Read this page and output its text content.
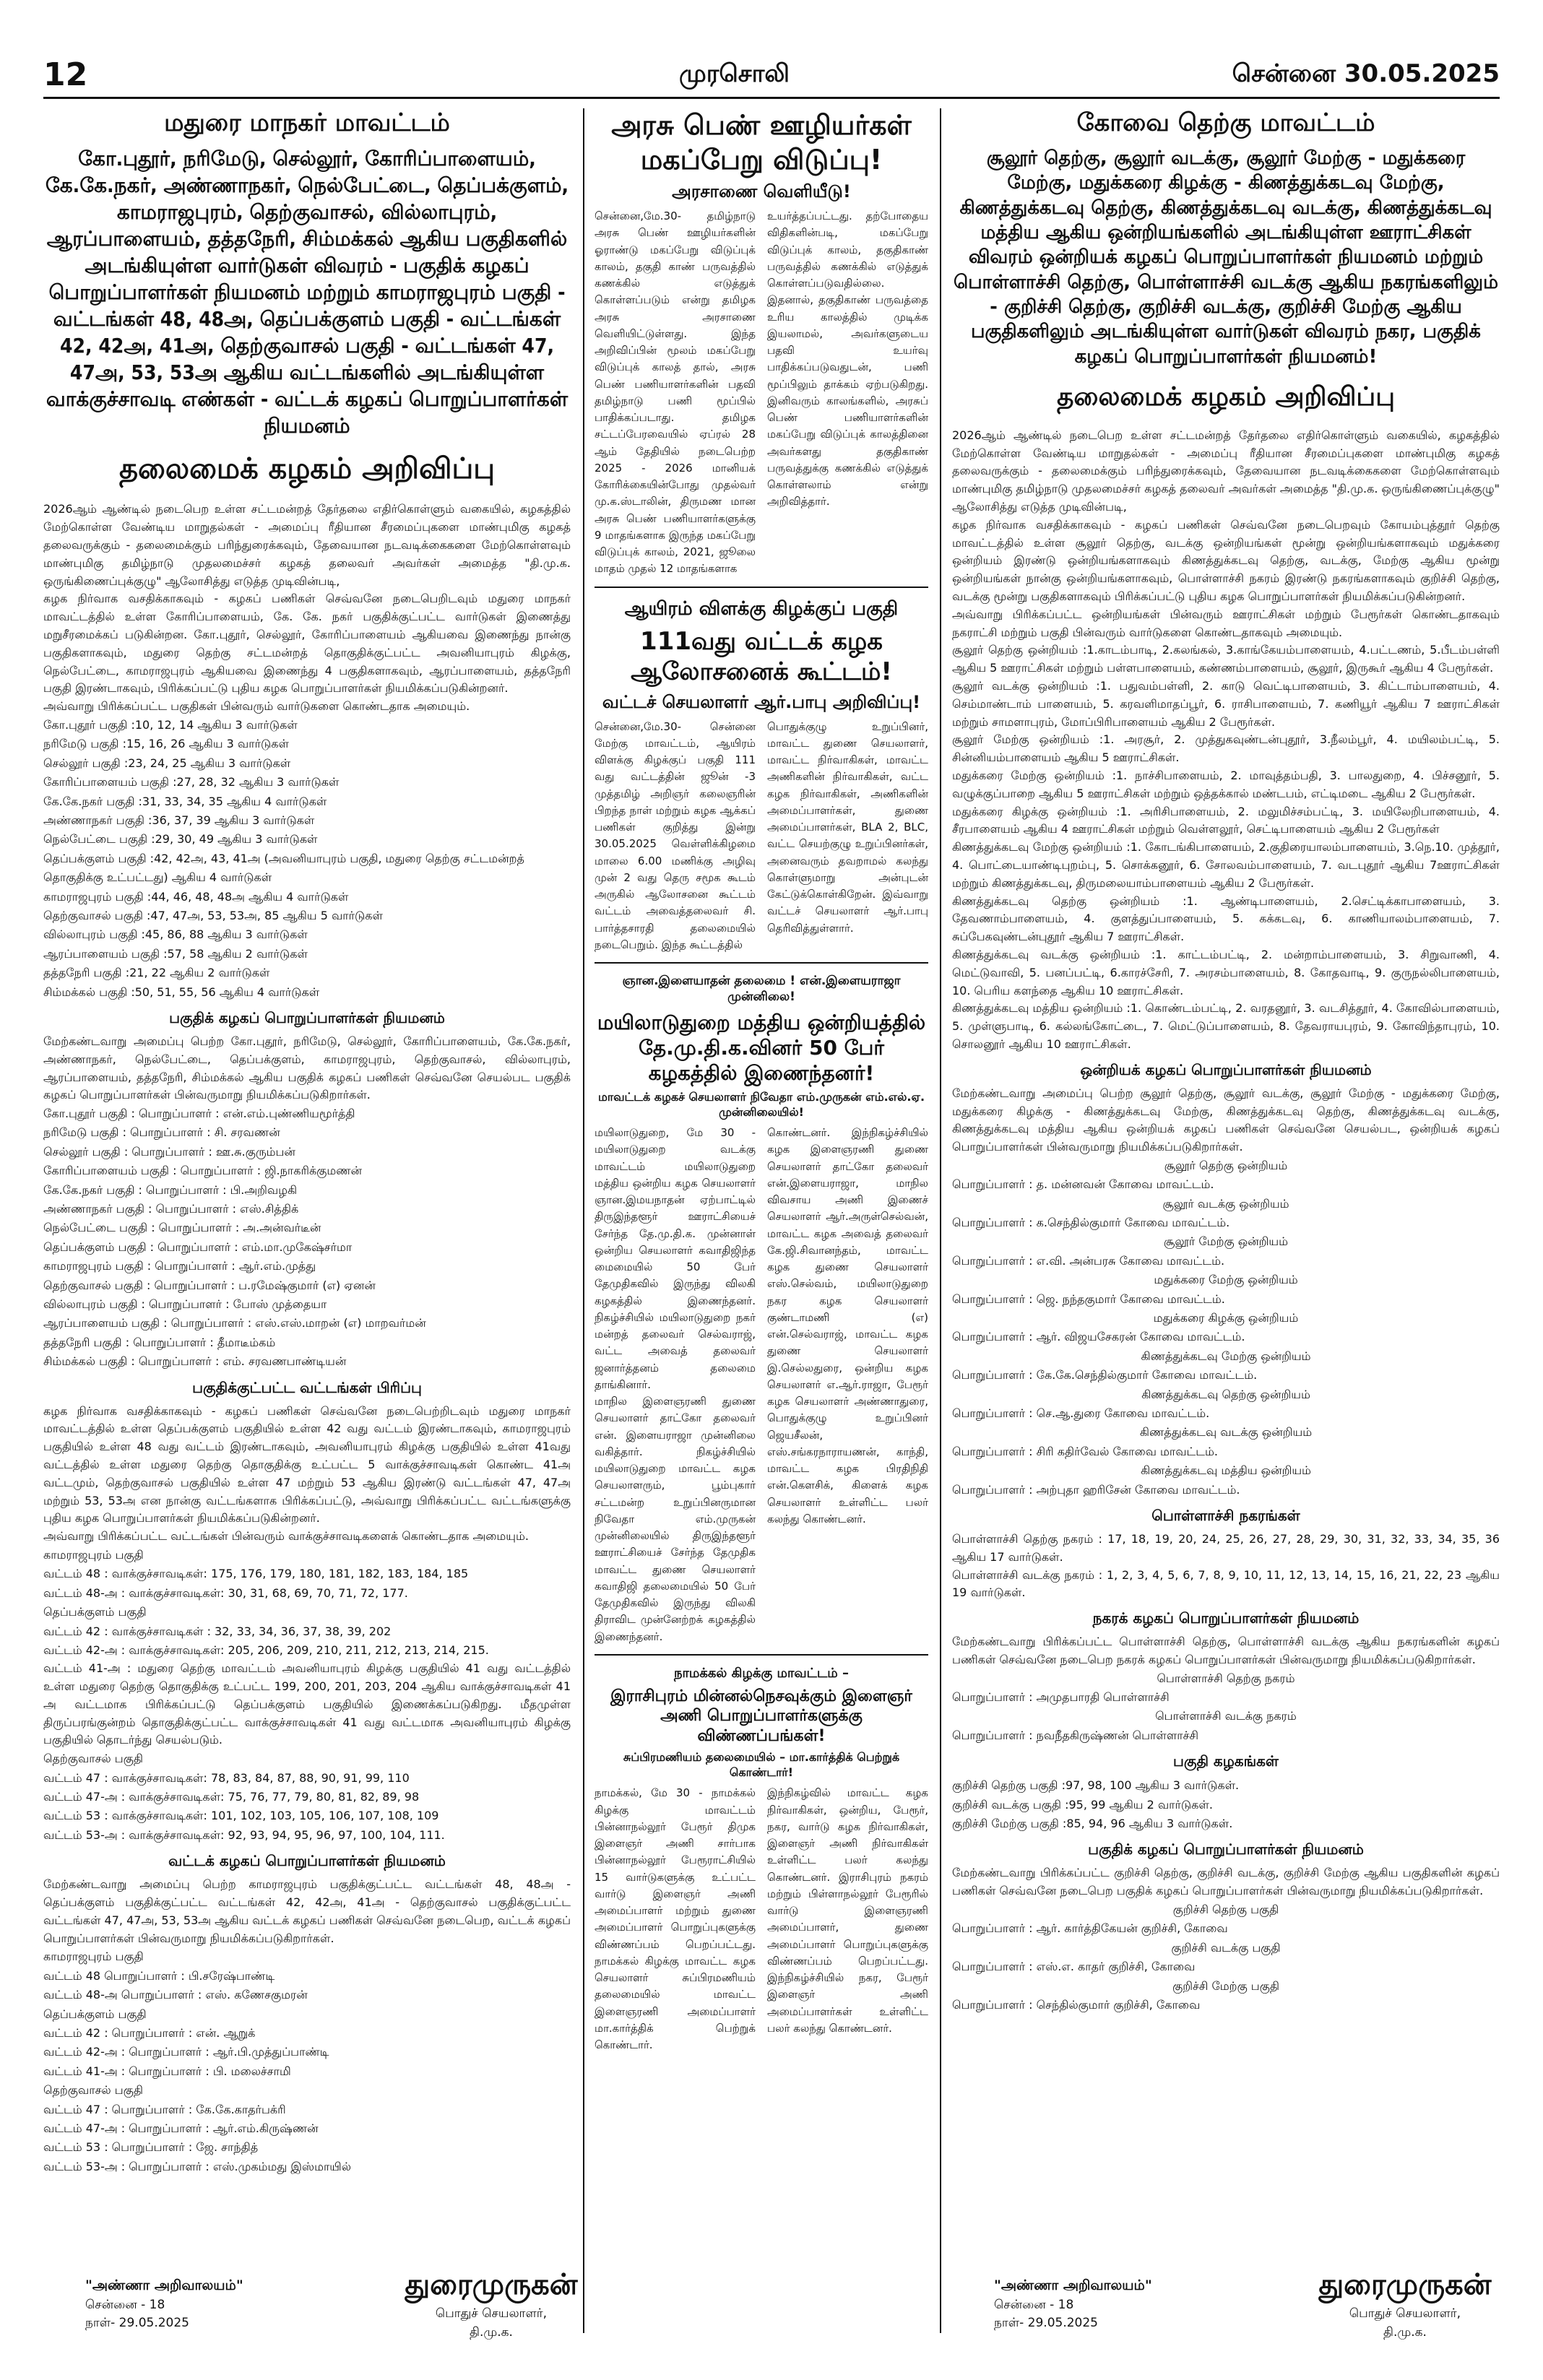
12	முரசொலி	சென்னை 30.05.2025
மதுரை மாநகர் மாவட்டம்
கோ.புதூர், நரிமேடு, செல்லூர், கோரிப்பாளையம், கே.கே.நகர், அண்ணாநகர், நெல்பேட்டை, தெப்பக்குளம், காமராஜபுரம், தெற்குவாசல், வில்லாபுரம், ஆரப்பாளையம், தத்தநேரி, சிம்மக்கல் ஆகிய பகுதிகளில் அடங்கியுள்ள வார்டுகள் விவரம் - பகுதிக் கழகப் பொறுப்பாளர்கள் நியமனம் மற்றும் காமராஜபுரம் பகுதி - வட்டங்கள் 48, 48அ, தெப்பக்குளம் பகுதி - வட்டங்கள் 42, 42அ, 41அ, தெற்குவாசல் பகுதி - வட்டங்கள் 47, 47அ, 53, 53அ ஆகிய வட்டங்களில் அடங்கியுள்ள வாக்குச்சாவடி எண்கள் - வட்டக் கழகப் பொறுப்பாளர்கள் நியமனம்
தலைமைக் கழகம் அறிவிப்பு
2026ஆம் ஆண்டில் நடைபெற உள்ள சட்டமன்றத் தேர்தலை எதிர்கொள்ளும் வகையில், கழகத்தில் மேற்கொள்ள வேண்டிய மாறுதல்கள் - அமைப்பு ரீதியான சீரமைப்புகளை மாண்புமிகு கழகத் தலைவருக்கும் - தலைமைக்கும் பரிந்துரைக்கவும், தேவையான நடவடிக்கைகளை மேற்கொள்ளவும் மாண்புமிகு தமிழ்நாடு முதலமைச்சர் கழகத் தலைவர் அவர்கள் அமைத்த "தி.மு.க. ஒருங்கிணைப்புக்குழு" ஆலோசித்து எடுத்த முடிவின்படி,
கழக நிர்வாக வசதிக்காகவும் - கழகப் பணிகள் செவ்வனே நடைபெறிடவும் மதுரை மாநகர் மாவட்டத்தில் உள்ள கோரிப்பாளையம், கே. கே. நகர் பகுதிக்குட்பட்ட வார்டுகள் இணைத்து மறுசீரமைக்கப் படுகின்றன. கோ.புதூர், செல்லூர், கோரிப்பாளையம் ஆகியவை இணைந்து நான்கு பகுதிகளாகவும், மதுரை தெற்கு சட்டமன்றத் தொகுதிக்குட்பட்ட அவனியாபுரம் கிழக்கு, நெல்பேட்டை, காமராஜபுரம் ஆகியவை இணைந்து 4 பகுதிகளாகவும், ஆரப்பாளையம், தத்தநேரி பகுதி இரண்டாகவும், பிரிக்கப்பட்டு புதிய கழக பொறுப்பாளர்கள் நியமிக்கப்படுகின்றனர்.
அவ்வாறு பிரிக்கப்பட்ட பகுதிகள் பின்வரும் வார்டுகளை கொண்டதாக அமையும்.
கோ.புதூர் பகுதி :10, 12, 14 ஆகிய 3 வார்டுகள்
நரிமேடு பகுதி :15, 16, 26 ஆகிய 3 வார்டுகள்
செல்லூர் பகுதி :23, 24, 25 ஆகிய 3 வார்டுகள்
கோரிப்பாளையம் பகுதி :27, 28, 32 ஆகிய 3 வார்டுகள்
கே.கே.நகர் பகுதி :31, 33, 34, 35 ஆகிய 4 வார்டுகள்
அண்ணாநகர் பகுதி :36, 37, 39 ஆகிய 3 வார்டுகள்
நெல்பேட்டை பகுதி :29, 30, 49 ஆகிய 3 வார்டுகள்
தெப்பக்குளம் பகுதி :42, 42அ, 43, 41அ (அவனியாபுரம் பகுதி, மதுரை தெற்கு சட்டமன்றத் தொகுதிக்கு உட்பட்டது) ஆகிய 4 வார்டுகள்
காமராஜபுரம் பகுதி :44, 46, 48, 48அ ஆகிய 4 வார்டுகள்
தெற்குவாசல் பகுதி :47, 47அ, 53, 53அ, 85 ஆகிய 5 வார்டுகள்
வில்லாபுரம் பகுதி :45, 86, 88 ஆகிய 3 வார்டுகள்
ஆரப்பாளையம் பகுதி :57, 58 ஆகிய 2 வார்டுகள்
தத்தநேரி பகுதி :21, 22 ஆகிய 2 வார்டுகள்
சிம்மக்கல் பகுதி :50, 51, 55, 56 ஆகிய 4 வார்டுகள்
பகுதிக் கழகப் பொறுப்பாளர்கள் நியமனம்
மேற்கண்டவாறு அமைப்பு பெற்ற கோ.புதூர், நரிமேடு, செல்லூர், கோரிப்பாளையம், கே.கே.நகர், அண்ணாநகர், நெல்பேட்டை, தெப்பக்குளம், காமராஜபுரம், தெற்குவாசல், வில்லாபுரம், ஆரப்பாளையம், தத்தநேரி, சிம்மக்கல் ஆகிய பகுதிக் கழகப் பணிகள் செவ்வனே செயல்பட பகுதிக் கழகப் பொறுப்பாளர்கள் பின்வருமாறு நியமிக்கப்படுகிறார்கள்.
கோ.புதூர் பகுதி : பொறுப்பாளர் : என்.எம்.புண்ணியமூர்த்தி
நரிமேடு பகுதி : பொறுப்பாளர் : சி. சரவணன்
செல்லூர் பகுதி : பொறுப்பாளர் : ஊ.சு.குரும்பன்
கோரிப்பாளையம் பகுதி : பொறுப்பாளர் : ஜி.நாகரிக்குமணன்
கே.கே.நகர் பகுதி : பொறுப்பாளர் : பி.அறிவழகி
அண்ணாநகர் பகுதி : பொறுப்பாளர் : எஸ்.சித்திக்
நெல்பேட்டை பகுதி : பொறுப்பாளர் : அ.அன்வர்டீன்
தெப்பக்குளம் பகுதி : பொறுப்பாளர் : எம்.மா.முகேஷ்சர்மா
காமராஜபுரம் பகுதி : பொறுப்பாளர் : ஆர்.எம்.முத்து
தெற்குவாசல் பகுதி : பொறுப்பாளர் : ப.ரமேஷ்குமார் (எ) ஏனன்
வில்லாபுரம் பகுதி : பொறுப்பாளர் : போஸ் முத்தையா
ஆரப்பாளையம் பகுதி : பொறுப்பாளர் : எஸ்.எஸ்.மாறன் (எ) மாறவர்மன்
தத்தநேரி பகுதி : பொறுப்பாளர் : தீமாடீம்கம்
சிம்மக்கல் பகுதி : பொறுப்பாளர் : எம். சரவணபாண்டியன்
பகுதிக்குட்பட்ட வட்டங்கள் பிரிப்பு
கழக நிர்வாக வசதிக்காகவும் - கழகப் பணிகள் செவ்வனே நடைபெற்றிடவும் மதுரை மாநகர் மாவட்டத்தில் உள்ள தெப்பக்குளம் பகுதியில் உள்ள 42 வது வட்டம் இரண்டாகவும், காமராஜபுரம் பகுதியில் உள்ள 48 வது வட்டம் இரண்டாகவும், அவனியாபுரம் கிழக்கு பகுதியில் உள்ள 41வது வட்டத்தில் உள்ள மதுரை தெற்கு தொகுதிக்கு உட்பட்ட 5 வாக்குச்சாவடிகள் கொண்ட 41அ வட்டமும், தெற்குவாசல் பகுதியில் உள்ள 47 மற்றும் 53 ஆகிய இரண்டு வட்டங்கள் 47, 47அ மற்றும் 53, 53அ என நான்கு வட்டங்களாக பிரிக்கப்பட்டு, அவ்வாறு பிரிக்கப்பட்ட வட்டங்களுக்கு புதிய கழக பொறுப்பாளர்கள் நியமிக்கப்படுகின்றனர்.
அவ்வாறு பிரிக்கப்பட்ட வட்டங்கள் பின்வரும் வாக்குச்சாவடிகளைக் கொண்டதாக அமையும்.
காமராஜபுரம் பகுதி
வட்டம் 48 : வாக்குச்சாவடிகள்: 175, 176, 179, 180, 181, 182, 183, 184, 185
வட்டம் 48-அ : வாக்குச்சாவடிகள்: 30, 31, 68, 69, 70, 71, 72, 177.
தெப்பக்குளம் பகுதி
வட்டம் 42 : வாக்குச்சாவடிகள் : 32, 33, 34, 36, 37, 38, 39, 202
வட்டம் 42-அ : வாக்குச்சாவடிகள்: 205, 206, 209, 210, 211, 212, 213, 214, 215.
வட்டம் 41-அ : மதுரை தெற்கு மாவட்டம் அவனியாபுரம் கிழக்கு பகுதியில் 41 வது வட்டத்தில் உள்ள மதுரை தெற்கு தொகுதிக்கு உட்பட்ட 199, 200, 201, 203, 204 ஆகிய வாக்குச்சாவடிகள் 41 அ வட்டமாக பிரிக்கப்பட்டு தெப்பக்குளம் பகுதியில் இணைக்கப்படுகிறது. மீதமுள்ள திருப்பரங்குன்றம் தொகுதிக்குட்பட்ட வாக்குச்சாவடிகள் 41 வது வட்டமாக அவனியாபுரம் கிழக்கு பகுதியில் தொடர்ந்து செயல்படும்.
தெற்குவாசல் பகுதி
வட்டம் 47 : வாக்குச்சாவடிகள்: 78, 83, 84, 87, 88, 90, 91, 99, 110
வட்டம் 47-அ : வாக்குச்சாவடிகள்: 75, 76, 77, 79, 80, 81, 82, 89, 98
வட்டம் 53 : வாக்குச்சாவடிகள்: 101, 102, 103, 105, 106, 107, 108, 109
வட்டம் 53-அ : வாக்குச்சாவடிகள்: 92, 93, 94, 95, 96, 97, 100, 104, 111.
வட்டக் கழகப் பொறுப்பாளர்கள் நியமனம்
மேற்கண்டவாறு அமைப்பு பெற்ற காமராஜபுரம் பகுதிக்குட்பட்ட வட்டங்கள் 48, 48அ - தெப்பக்குளம் பகுதிக்குட்பட்ட வட்டங்கள் 42, 42அ, 41அ - தெற்குவாசல் பகுதிக்குட்பட்ட வட்டங்கள் 47, 47அ, 53, 53அ ஆகிய வட்டக் கழகப் பணிகள் செவ்வனே நடைபெற, வட்டக் கழகப் பொறுப்பாளர்கள் பின்வருமாறு நியமிக்கப்படுகிறார்கள்.
காமராஜபுரம் பகுதி
வட்டம் 48 பொறுப்பாளர் : பி.சரேஷ்பாண்டி
வட்டம் 48-அ பொறுப்பாளர் : எஸ். கணேசகுமரன்
தெப்பக்குளம் பகுதி
வட்டம் 42 : பொறுப்பாளர் : என். ஆறுக்
வட்டம் 42-அ : பொறுப்பாளர் : ஆர்.பி.முத்துப்பாண்டி
வட்டம் 41-அ : பொறுப்பாளர் : பி. மலைச்சாமி
தெற்குவாசல் பகுதி
வட்டம் 47 : பொறுப்பாளர் : கே.கே.காதர்பக்ரி
வட்டம் 47-அ : பொறுப்பாளர் : ஆர்.எம்.கிருஷ்ணன்
வட்டம் 53 : பொறுப்பாளர் : ஜே. சாந்தித்
வட்டம் 53-அ : பொறுப்பாளர் : எஸ்.முகம்மது இஸ்மாயில்
"அண்ணா அறிவாலயம்"
சென்னை - 18
நாள்- 29.05.2025
துரைமுருகன்
பொதுச் செயலாளர்,
தி.மு.க.
அரசு பெண் ஊழியர்கள் மகப்பேறு விடுப்பு!
அரசாணை வெளியீடு!
சென்னை,மே.30- தமிழ்நாடு அரசு பெண் ஊழியர்களின் ஓராண்டு மகப்பேறு விடுப்புக் காலம், தகுதி காண் பருவத்தில் கணக்கில் எடுத்துக் கொள்ளப்படும் என்று தமிழக அரசு அரசாணை வெளியிட்டுள்ளது. இந்த அறிவிப்பின் மூலம் மகப்பேறு விடுப்புக் காலத் தால், அரசு பெண் பணியாளர்களின் பதவி தமிழ்நாடு பணி மூப்பில் பாதிக்கப்படாது. தமிழக சட்டப்பேரவையில் ஏப்ரல் 28 ஆம் தேதியில் நடைபெற்ற 2025 - 2026 மானியக் கோரிக்கையின்போது முதல்வர் மு.க.ஸ்டாலின், திருமண மான அரசு பெண் பணியாளர்களுக்கு 9 மாதங்களாக இருந்த மகப்பேறு விடுப்புக் காலம், 2021, ஜூலை மாதம் முதல் 12 மாதங்களாக
உயர்த்தப்பட்டது. தற்போதைய விதிகளின்படி, மகப்பேறு விடுப்புக் காலம், தகுதிகாண் பருவத்தில் கணக்கில் எடுத்துக் கொள்ளப்படுவதில்லை. இதனால், தகுதிகாண் பருவத்தை உரிய காலத்தில் முடிக்க இயலாமல், அவர்களுடைய பதவி உயர்வு பாதிக்கப்படுவதுடன், பணி மூப்பிலும் தாக்கம் ஏற்படுகிறது. இனிவரும் காலங்களில், அரசுப் பெண் பணியாளர்களின் மகப்பேறு விடுப்புக் காலத்தினை அவர்களது தகுதிகாண் பருவத்துக்கு கணக்கில் எடுத்துக் கொள்ளலாம் என்று அறிவித்தார்.
ஆயிரம் விளக்கு கிழக்குப் பகுதி
111வது வட்டக் கழக ஆலோசனைக் கூட்டம்!
வட்டச் செயலாளர் ஆர்.பாபு அறிவிப்பு!
சென்னை,மே.30- சென்னை மேற்கு மாவட்டம், ஆயிரம் விளக்கு கிழக்குப் பகுதி 111 வது வட்டத்தின் ஜூன் -3 முத்தமிழ் அறிஞர் கலைஞரின் பிறந்த நாள் மற்றும் கழக ஆக்கப் பணிகள் குறித்து இன்று 30.05.2025 வெள்ளிக்கிழமை மாலை 6.00 மணிக்கு அழிவு முன் 2 வது தெரு சமூக கூடம் அருகில் ஆலோசனை கூட்டம் வட்டம் அவைத்தலைவர் சி. பார்த்தசாரதி தலைமையில் நடைபெறும். இந்த கூட்டத்தில்
பொதுக்குழு உறுப்பினர், மாவட்ட துணை செயலாளர், மாவட்ட நிர்வாகிகள், மாவட்ட அணிகளின் நிர்வாகிகள், வட்ட கழக நிர்வாகிகள், அணிகளின் அமைப்பாளர்கள், துணை அமைப்பாளர்கள், BLA 2, BLC, வட்ட செயற்குழு உறுப்பினர்கள், அனைவரும் தவறாமல் கலந்து கொள்ளுமாறு அன்புடன் கேட்டுக்கொள்கிறேன். இவ்வாறு வட்டச் செயலாளர் ஆர்.பாபு தெரிவித்துள்ளார்.
ஞான.இளையாதன் தலைமை ! என்.இளையராஜா முன்னிலை!
மயிலாடுதுறை மத்திய ஒன்றியத்தில் தே.மு.தி.க.வினர் 50 பேர் கழகத்தில் இணைந்தனர்!
மாவட்டக் கழகச் செயலாளர் நிவேதா எம்.முருகன் எம்.எல்.ஏ. முன்னிலையில்!
மயிலாடுதுறை, மே 30 - மயிலாடுதுறை வடக்கு மாவட்டம் மயிலாடுதுறை மத்திய ஒன்றிய கழக செயலாளர் ஞான.இமயநாதன் ஏற்பாட்டில் திருஇந்தளூர் ஊராட்சியைச் சேர்ந்த தே.மு.தி.க. முன்னாள் ஒன்றிய செயலாளர் கவாதிஜிந்த மைமையில் 50 பேர் தேமுதிகவில் இருந்து விலகி கழகத்தில் இணைந்தனர். நிகழ்ச்சியில் மயிலாடுதுறை நகர் மன்றத் தலைவர் செல்வராஜ், வட்ட அவைத் தலைவர் ஜனார்த்தனம் தலைமை தாங்கினார்.
மாநில இளைஞரணி துணை செயலாளர் தாட்கோ தலைவர் என். இளையராஜா முன்னிலை வகித்தார். நிகழ்ச்சியில் மயிலாடுதுறை மாவட்ட கழக செயலாளரும், பூம்புகார் சட்டமன்ற உறுப்பினருமான நிவேதா எம்.முருகன் முன்னிலையில் திருஇந்தளூர் ஊராட்சியைச் சேர்ந்த தேமுதிக மாவட்ட துணை செயலாளர் கவாதிஜி தலைமையில் 50 பேர் தேமுதிகவில் இருந்து விலகி திராவிட முன்னேற்றக் கழகத்தில் இணைந்தனர்.
கொண்டனர். இந்நிகழ்ச்சியில் கழக இளைஞரணி துணை செயலாளர் தாட்கோ தலைவர் என்.இளையராஜா, மாநில விவசாய அணி இணைச் செயலாளர் ஆர்.அருள்செல்வன், மாவட்ட கழக அவைத் தலைவர் கே.ஜி.சிவானந்தம், மாவட்ட கழக துணை செயலாளர் எஸ்.செல்வம், மயிலாடுதுறை நகர கழக செயலாளர் குண்டாமணி (எ) என்.செல்வராஜ், மாவட்ட கழக துணை செயலாளர் இ.செல்லதுரை, ஒன்றிய கழக செயலாளர் எ.ஆர்.ராஜா, பேரூர் கழக செயலாளர் அண்ணாதுரை, பொதுக்குழு உறுப்பினர் ஜெயசீலன், எஸ்.சங்கரநாராயணன், காந்தி, மாவட்ட கழக பிரதிநிதி என்.கௌசிக், கிளைக் கழக செயலாளர் உள்ளிட்ட பலர் கலந்து கொண்டனர்.
நாமக்கல் கிழக்கு மாவட்டம் –
இராசிபுரம் மின்னல்நெசவுக்கும் இளைஞர் அணி பொறுப்பாளர்களுக்கு விண்ணப்பங்கள்!
சுப்பிரமணியம் தலைமையில் – மா.கார்த்திக் பெற்றுக் கொண்டார்!
நாமக்கல், மே 30 - நாமக்கல் கிழக்கு மாவட்டம் பின்னாநல்லூர் பேரூர் திமுக இளைஞர் அணி சார்பாக பின்னாநல்லூர் பேரூராட்சியில் 15 வார்டுகளுக்கு உட்பட்ட வார்டு இளைஞர் அணி அமைப்பாளர் மற்றும் துணை அமைப்பாளர் பொறுப்புகளுக்கு விண்ணப்பம் பெறப்பட்டது. நாமக்கல் கிழக்கு மாவட்ட கழக செயலாளர் சுப்பிரமணியம் தலைமையில் மாவட்ட இளைஞரணி அமைப்பாளர் மா.கார்த்திக் பெற்றுக் கொண்டார்.
இந்நிகழ்வில் மாவட்ட கழக நிர்வாகிகள், ஒன்றிய, பேரூர், நகர, வார்டு கழக நிர்வாகிகள், இளைஞர் அணி நிர்வாகிகள் உள்ளிட்ட பலர் கலந்து கொண்டனர். இராசிபுரம் நகரம் மற்றும் பிள்ளாநல்லூர் பேரூரில் வார்டு இளைஞரணி அமைப்பாளர், துணை அமைப்பாளர் பொறுப்புகளுக்கு விண்ணப்பம் பெறப்பட்டது. இந்நிகழ்ச்சியில் நகர, பேரூர் இளைஞர் அணி அமைப்பாளர்கள் உள்ளிட்ட பலர் கலந்து கொண்டனர்.
கோவை தெற்கு மாவட்டம்
சூலூர் தெற்கு, சூலூர் வடக்கு, சூலூர் மேற்கு - மதுக்கரை மேற்கு, மதுக்கரை கிழக்கு - கிணத்துக்கடவு மேற்கு, கிணத்துக்கடவு தெற்கு, கிணத்துக்கடவு வடக்கு, கிணத்துக்கடவு மத்திய ஆகிய ஒன்றியங்களில் அடங்கியுள்ள ஊராட்சிகள் விவரம் ஒன்றியக் கழகப் பொறுப்பாளர்கள் நியமனம் மற்றும் பொள்ளாச்சி தெற்கு, பொள்ளாச்சி வடக்கு ஆகிய நகரங்களிலும் - குறிச்சி தெற்கு, குறிச்சி வடக்கு, குறிச்சி மேற்கு ஆகிய பகுதிகளிலும் அடங்கியுள்ள வார்டுகள் விவரம் நகர, பகுதிக் கழகப் பொறுப்பாளர்கள் நியமனம்!
தலைமைக் கழகம் அறிவிப்பு
2026ஆம் ஆண்டில் நடைபெற உள்ள சட்டமன்றத் தேர்தலை எதிர்கொள்ளும் வகையில், கழகத்தில் மேற்கொள்ள வேண்டிய மாறுதல்கள் - அமைப்பு ரீதியான சீரமைப்புகளை மாண்புமிகு கழகத் தலைவருக்கும் - தலைமைக்கும் பரிந்துரைக்கவும், தேவையான நடவடிக்கைகளை மேற்கொள்ளவும் மாண்புமிகு தமிழ்நாடு முதலமைச்சர் கழகத் தலைவர் அவர்கள் அமைத்த "தி.மு.க. ஒருங்கிணைப்புக்குழு" ஆலோசித்து எடுத்த முடிவின்படி,
கழக நிர்வாக வசதிக்காகவும் - கழகப் பணிகள் செவ்வனே நடைபெறவும் கோயம்புத்தூர் தெற்கு மாவட்டத்தில் உள்ள சூலூர் தெற்கு, வடக்கு ஒன்றியங்கள் மூன்று ஒன்றியங்களாகவும் மதுக்கரை ஒன்றியம் இரண்டு ஒன்றியங்களாகவும் கிணத்துக்கடவு தெற்கு, வடக்கு, மேற்கு ஆகிய மூன்று ஒன்றியங்கள் நான்கு ஒன்றியங்களாகவும், பொள்ளாச்சி நகரம் இரண்டு நகரங்களாகவும் குறிச்சி தெற்கு, வடக்கு மூன்று பகுதிகளாகவும் பிரிக்கப்பட்டு புதிய கழக பொறுப்பாளர்கள் நியமிக்கப்படுகின்றனர்.
அவ்வாறு பிரிக்கப்பட்ட ஒன்றியங்கள் பின்வரும் ஊராட்சிகள் மற்றும் பேரூர்கள் கொண்டதாகவும் நகராட்சி மற்றும் பகுதி பின்வரும் வார்டுகளை கொண்டதாகவும் அமையும்.
சூலூர் தெற்கு ஒன்றியம் :1.காடம்பாடி, 2.கலங்கல், 3.காங்கேயம்பாளையம், 4.பட்டணம், 5.பீடம்பள்ளி ஆகிய 5 ஊராட்சிகள் மற்றும் பள்ளபாளையம், கண்ணம்பாளையம், சூலூர், இருகூர் ஆகிய 4 பேரூர்கள்.
சூலூர் வடக்கு ஒன்றியம் :1. பதுவம்பள்ளி, 2. காடு வெட்டிபாளையம், 3. கிட்டாம்பாளையம், 4. செம்மாண்டாம் பாளையம், 5. கரவளிமாதப்பூர், 6. ராசிபாளையம், 7. கணியூர் ஆகிய 7 ஊராட்சிகள் மற்றும் சாமளாபுரம், மோப்பிரிபாளையம் ஆகிய 2 பேரூர்கள்.
சூலூர் மேற்கு ஒன்றியம் :1. அரசூர், 2. முத்துகவுண்டன்புதூர், 3.நீலம்பூர், 4. மயிலம்பட்டி, 5. சின்னியம்பாளையம் ஆகிய 5 ஊராட்சிகள்.
மதுக்கரை மேற்கு ஒன்றியம் :1. நாச்சிபாளையம், 2. மாவுத்தம்பதி, 3. பாலதுறை, 4. பிச்சனூர், 5. வழுக்குப்பாறை ஆகிய 5 ஊராட்சிகள் மற்றும் ஒத்தக்கால் மண்டபம், எட்டிமடை ஆகிய 2 பேரூர்கள்.
மதுக்கரை கிழக்கு ஒன்றியம் :1. அரிசிபாளையம், 2. மலுமிச்சம்பட்டி, 3. மயிலேறிபாளையம், 4. சீரபாளையம் ஆகிய 4 ஊராட்சிகள் மற்றும் வெள்ளலூர், செட்டிபாளையம் ஆகிய 2 பேரூர்கள்
கிணத்துக்கடவு மேற்கு ஒன்றியம் :1. கோடங்கிபாளையம், 2.குதிரையாலம்பாளையம், 3.நெ.10. முத்தூர், 4. பொட்டையாண்டிபுறம்பு, 5. சொக்கனூர், 6. சோலவம்பாளையம், 7. வடபுதூர் ஆகிய 7ஊராட்சிகள் மற்றும் கிணத்துக்கடவு, திருமலையாம்பாளையம் ஆகிய 2 பேரூர்கள்.
கிணத்துக்கடவு தெற்கு ஒன்றியம் :1. ஆண்டிபாளையம், 2.செட்டிக்காபாளையம், 3. தேவணாம்பாளையம், 4. குளத்துப்பாளையம், 5. கக்கடவு, 6. காணியாலம்பாளையம், 7. சுப்பேகவுண்டன்புதூர் ஆகிய 7 ஊராட்சிகள்.
கிணத்துக்கடவு வடக்கு ஒன்றியம் :1. காட்டம்பட்டி, 2. மன்றாம்பாளையம், 3. சிறுவாணி, 4. மெட்டுவாவி, 5. பனப்பட்டி, 6.காரச்சேரி, 7. அரசம்பாளையம், 8. கோதவாடி, 9. குருநல்லிபாளையம், 10. பெரிய களந்தை ஆகிய 10 ஊராட்சிகள்.
கிணத்துக்கடவு மத்திய ஒன்றியம் :1. கொண்டம்பட்டி, 2. வரதனூர், 3. வடசித்தூர், 4. கோவில்பாளையம், 5. முள்ளுபாடி, 6. கல்லங்கோட்டை, 7. மெட்டுப்பாளையம், 8. தேவராயபுரம், 9. கோவிந்தாபுரம், 10. சொலனூர் ஆகிய 10 ஊராட்சிகள்.
ஒன்றியக் கழகப் பொறுப்பாளர்கள் நியமனம்
மேற்கண்டவாறு அமைப்பு பெற்ற சூலூர் தெற்கு, சூலூர் வடக்கு, சூலூர் மேற்கு - மதுக்கரை மேற்கு, மதுக்கரை கிழக்கு - கிணத்துக்கடவு மேற்கு, கிணத்துக்கடவு தெற்கு, கிணத்துக்கடவு வடக்கு, கிணத்துக்கடவு மத்திய ஆகிய ஒன்றியக் கழகப் பணிகள் செவ்வனே செயல்பட, ஒன்றியக் கழகப் பொறுப்பாளர்கள் பின்வருமாறு நியமிக்கப்படுகிறார்கள்.
சூலூர் தெற்கு ஒன்றியம்
பொறுப்பாளர் : த. மன்னவன் கோவை மாவட்டம்.
சூலூர் வடக்கு ஒன்றியம்
பொறுப்பாளர் : க.செந்தில்குமார் கோவை மாவட்டம்.
சூலூர் மேற்கு ஒன்றியம்
பொறுப்பாளர் : எ.வி. அன்பரசு கோவை மாவட்டம்.
மதுக்கரை மேற்கு ஒன்றியம்
பொறுப்பாளர் : ஜெ. நந்தகுமார் கோவை மாவட்டம்.
மதுக்கரை கிழக்கு ஒன்றியம்
பொறுப்பாளர் : ஆர். விஜயசேகரன் கோவை மாவட்டம்.
கிணத்துக்கடவு மேற்கு ஒன்றியம்
பொறுப்பாளர் : கே.கே.செந்தில்குமார் கோவை மாவட்டம்.
கிணத்துக்கடவு தெற்கு ஒன்றியம்
பொறுப்பாளர் : செ.ஆ.துரை கோவை மாவட்டம்.
கிணத்துக்கடவு வடக்கு ஒன்றியம்
பொறுப்பாளர் : சிரி கதிர்வேல் கோவை மாவட்டம்.
கிணத்துக்கடவு மத்திய ஒன்றியம்
பொறுப்பாளர் : அற்புதா ஹரிசேன் கோவை மாவட்டம்.
பொள்ளாச்சி நகரங்கள்
பொள்ளாச்சி தெற்கு நகரம் : 17, 18, 19, 20, 24, 25, 26, 27, 28, 29, 30, 31, 32, 33, 34, 35, 36 ஆகிய 17 வார்டுகள்.
பொள்ளாச்சி வடக்கு நகரம் : 1, 2, 3, 4, 5, 6, 7, 8, 9, 10, 11, 12, 13, 14, 15, 16, 21, 22, 23 ஆகிய 19 வார்டுகள்.
நகரக் கழகப் பொறுப்பாளர்கள் நியமனம்
மேற்கண்டவாறு பிரிக்கப்பட்ட பொள்ளாச்சி தெற்கு, பொள்ளாச்சி வடக்கு ஆகிய நகரங்களின் கழகப் பணிகள் செவ்வனே நடைபெற நகரக் கழகப் பொறுப்பாளர்கள் பின்வருமாறு நியமிக்கப்படுகிறார்கள்.
பொள்ளாச்சி தெற்கு நகரம்
பொறுப்பாளர் : அமுதபாரதி பொள்ளாச்சி
பொள்ளாச்சி வடக்கு நகரம்
பொறுப்பாளர் : நவநீதகிருஷ்ணன் பொள்ளாச்சி
பகுதி கழகங்கள்
குறிச்சி தெற்கு பகுதி :97, 98, 100 ஆகிய 3 வார்டுகள்.
குறிச்சி வடக்கு பகுதி :95, 99 ஆகிய 2 வார்டுகள்.
குறிச்சி மேற்கு பகுதி :85, 94, 96 ஆகிய 3 வார்டுகள்.
பகுதிக் கழகப் பொறுப்பாளர்கள் நியமனம்
மேற்கண்டவாறு பிரிக்கப்பட்ட குறிச்சி தெற்கு, குறிச்சி வடக்கு, குறிச்சி மேற்கு ஆகிய பகுதிகளின் கழகப் பணிகள் செவ்வனே நடைபெற பகுதிக் கழகப் பொறுப்பாளர்கள் பின்வருமாறு நியமிக்கப்படுகிறார்கள்.
குறிச்சி தெற்கு பகுதி
பொறுப்பாளர் : ஆர். கார்த்திகேயன் குறிச்சி, கோவை
குறிச்சி வடக்கு பகுதி
பொறுப்பாளர் : எஸ்.எ. காதர் குறிச்சி, கோவை
குறிச்சி மேற்கு பகுதி
பொறுப்பாளர் : செந்தில்குமார் குறிச்சி, கோவை
"அண்ணா அறிவாலயம்"
சென்னை - 18
நாள்- 29.05.2025
துரைமுருகன்
பொதுச் செயலாளர்,
தி.மு.க.
